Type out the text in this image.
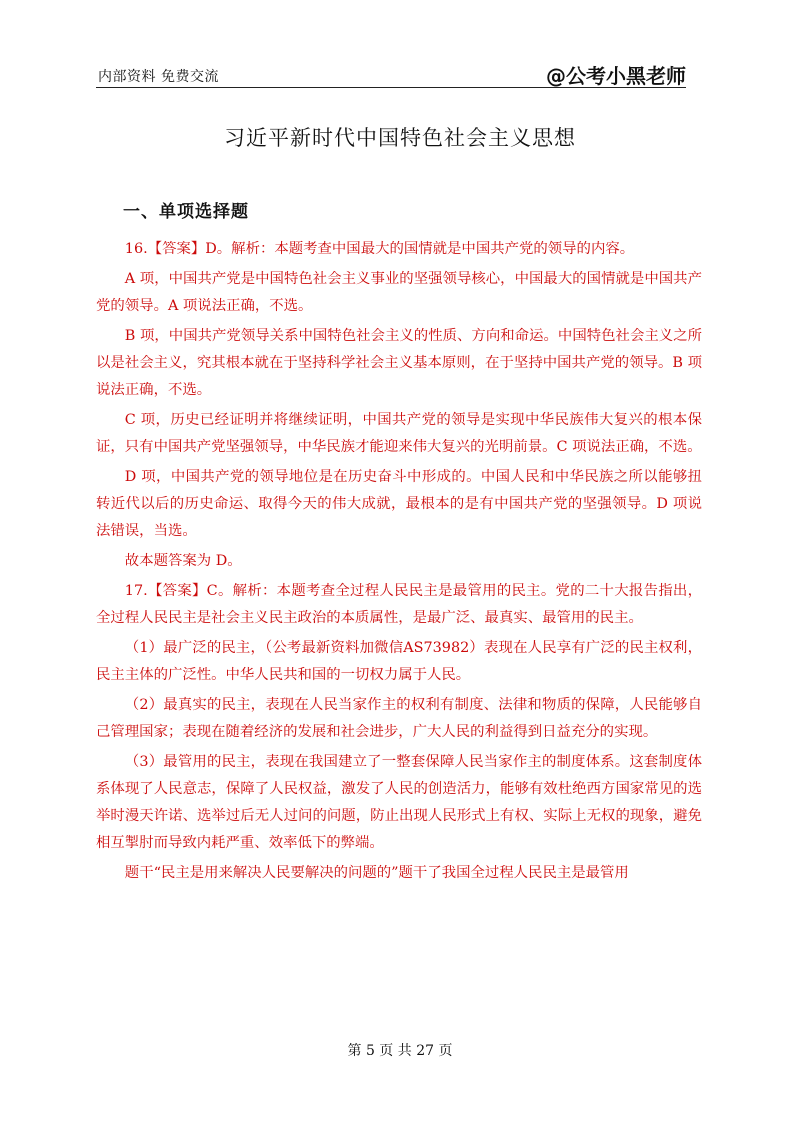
内部资料 免费交流	@公考小黑老师
习近平新时代中国特色社会主义思想
一、单项选择题

16.【答案】D。解析：本题考查中国最大的国情就是中国共产党的领导的内容。

A 项，中国共产党是中国特色社会主义事业的坚强领导核心，中国最大的国情就是中国共产党的领导。A 项说法正确，不选。

B 项，中国共产党领导关系中国特色社会主义的性质、方向和命运。中国特色社会主义之所以是社会主义，究其根本就在于坚持科学社会主义基本原则，在于坚持中国共产党的领导。B 项说法正确，不选。

C 项，历史已经证明并将继续证明，中国共产党的领导是实现中华民族伟大复兴的根本保证，只有中国共产党坚强领导，中华民族才能迎来伟大复兴的光明前景。C 项说法正确，不选。

D 项，中国共产党的领导地位是在历史奋斗中形成的。中国人民和中华民族之所以能够扭转近代以后的历史命运、取得今天的伟大成就，最根本的是有中国共产党的坚强领导。D 项说法错误，当选。

故本题答案为 D。

17.【答案】C。解析：本题考查全过程人民民主是最管用的民主。党的二十大报告指出，全过程人民民主是社会主义民主政治的本质属性，是最广泛、最真实、最管用的民主。

（1）最广泛的民主，（公考最新资料加微信AS73982）表现在人民享有广泛的民主权利，民主主体的广泛性。中华人民共和国的一切权力属于人民。

（2）最真实的民主，表现在人民当家作主的权利有制度、法律和物质的保障，人民能够自己管理国家；表现在随着经济的发展和社会进步，广大人民的利益得到日益充分的实现。

（3）最管用的民主，表现在我国建立了一整套保障人民当家作主的制度体系。这套制度体系体现了人民意志，保障了人民权益，激发了人民的创造活力，能够有效杜绝西方国家常见的选举时漫天许诺、选举过后无人过问的问题，防止出现人民形式上有权、实际上无权的现象，避免相互掣肘而导致内耗严重、效率低下的弊端。

题干“民主是用来解决人民要解决的问题的”题干了我国全过程人民民主是最管用

第 5 页 共 27 页
